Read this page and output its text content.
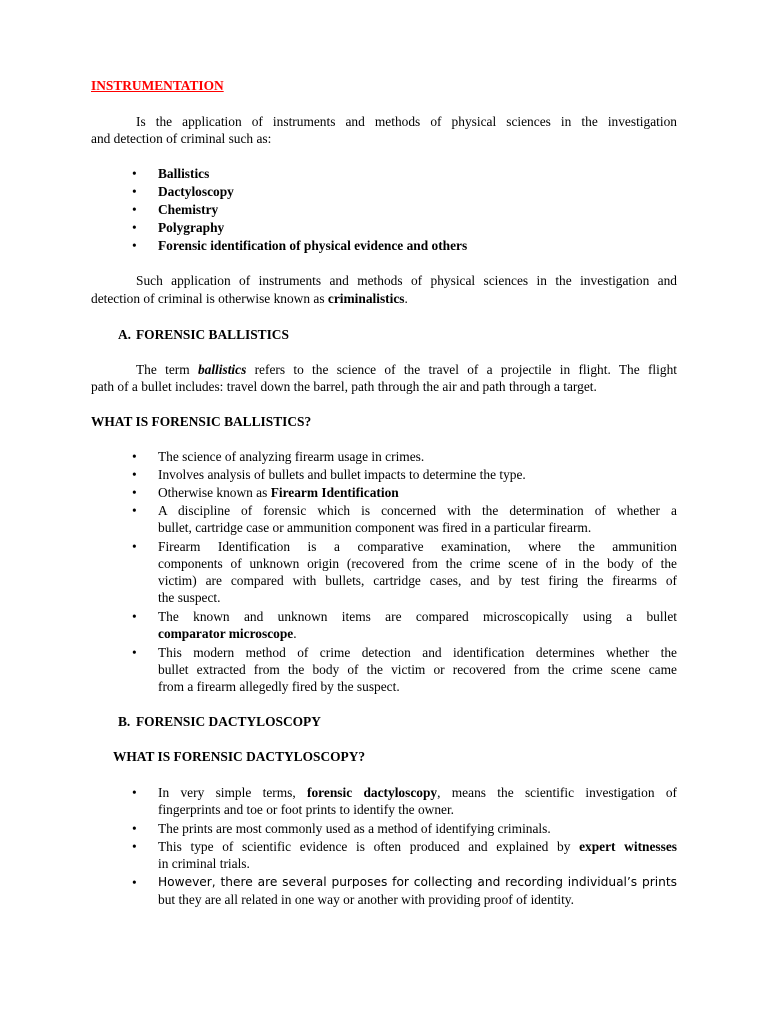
INSTRUMENTATION

Is the application of instruments and methods of physical sciences in the investigation

and detection of criminal such as:

• Ballistics
• Dactyloscopy
• Chemistry
• Polygraphy
• Forensic identification of physical evidence and others

Such application of instruments and methods of physical sciences in the investigation and

detection of criminal is otherwise known as criminalistics.

A. FORENSIC BALLISTICS

The term ballistics refers to the science of the travel of a projectile in flight. The flight

path of a bullet includes: travel down the barrel, path through the air and path through a target.

WHAT IS FORENSIC BALLISTICS?

• The science of analyzing firearm usage in crimes.
• Involves analysis of bullets and bullet impacts to determine the type.
• Otherwise known as Firearm Identification
• A discipline of forensic which is concerned with the determination of whether a
bullet, cartridge case or ammunition component was fired in a particular firearm.
• Firearm Identification is a comparative examination, where the ammunition
components of unknown origin (recovered from the crime scene of in the body of the
victim) are compared with bullets, cartridge cases, and by test firing the firearms of
the suspect.
• The known and unknown items are compared microscopically using a bullet
comparator microscope.
• This modern method of crime detection and identification determines whether the
bullet extracted from the body of the victim or recovered from the crime scene came
from a firearm allegedly fired by the suspect.

B. FORENSIC DACTYLOSCOPY

WHAT IS FORENSIC DACTYLOSCOPY?

• In very simple terms, forensic dactyloscopy, means the scientific investigation of
fingerprints and toe or foot prints to identify the owner.
• The prints are most commonly used as a method of identifying criminals.
• This type of scientific evidence is often produced and explained by expert witnesses
in criminal trials.
• However, there are several purposes for collecting and recording individual’s prints
but they are all related in one way or another with providing proof of identity.
